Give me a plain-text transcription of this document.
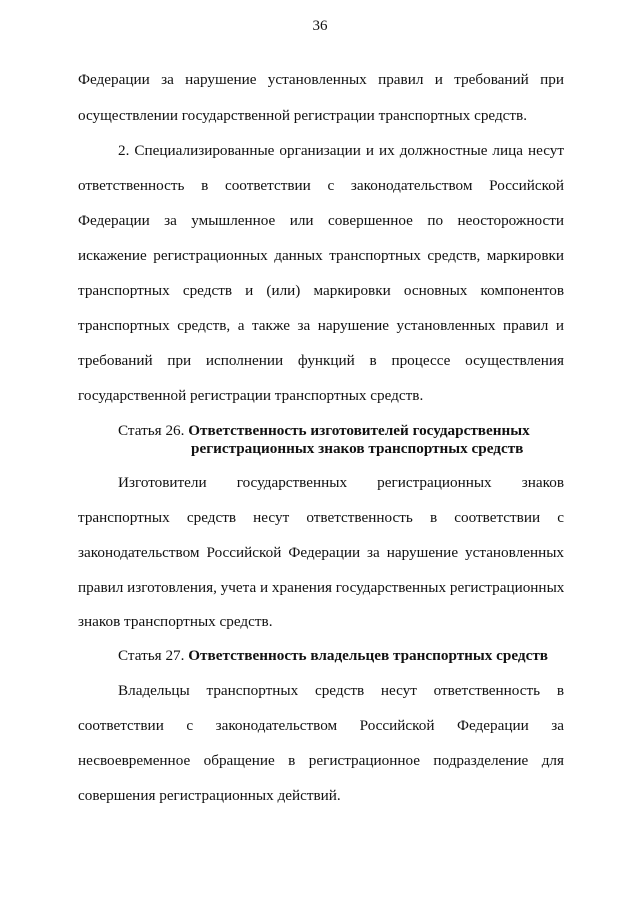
36
Федерации за нарушение установленных правил и требований при
осуществлении государственной регистрации транспортных средств.
2. Специализированные организации и их должностные лица несут
ответственность в соответствии с законодательством Российской
Федерации за умышленное или совершенное по неосторожности
искажение регистрационных данных транспортных средств, маркировки
транспортных средств и (или) маркировки основных компонентов
транспортных средств, а также за нарушение установленных правил и
требований при исполнении функций в процессе осуществления
государственной регистрации транспортных средств.
Статья 26. Ответственность изготовителей государственных
регистрационных знаков транспортных средств
Изготовители государственных регистрационных знаков
транспортных средств несут ответственность в соответствии с
законодательством Российской Федерации за нарушение установленных
правил изготовления, учета и хранения государственных регистрационных
знаков транспортных средств.
Статья 27. Ответственность владельцев транспортных средств
Владельцы транспортных средств несут ответственность в
соответствии с законодательством Российской Федерации за
несвоевременное обращение в регистрационное подразделение для
совершения регистрационных действий.
